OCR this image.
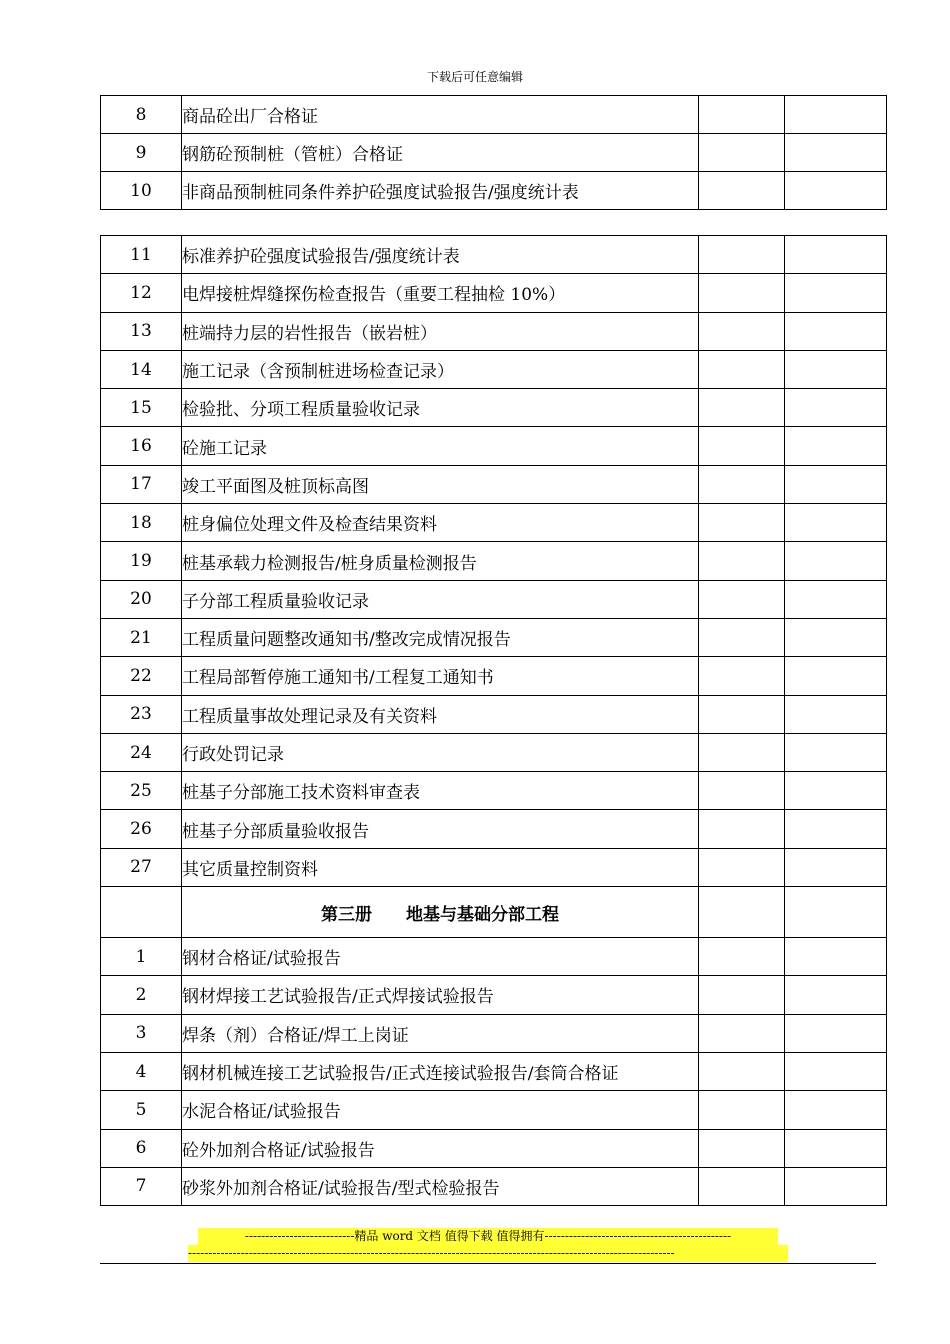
下载后可任意编辑
8	商品砼出厂合格证		
9	钢筋砼预制桩（管桩）合格证		
10	非商品预制桩同条件养护砼强度试验报告/强度统计表		
11	标准养护砼强度试验报告/强度统计表		
12	电焊接桩焊缝探伤检查报告（重要工程抽检 10%）		
13	桩端持力层的岩性报告（嵌岩桩）		
14	施工记录（含预制桩进场检查记录）		
15	检验批、分项工程质量验收记录		
16	砼施工记录		
17	竣工平面图及桩顶标高图		
18	桩身偏位处理文件及检查结果资料		
19	桩基承载力检测报告/桩身质量检测报告		
20	子分部工程质量验收记录		
21	工程质量问题整改通知书/整改完成情况报告		
22	工程局部暂停施工通知书/工程复工通知书		
23	工程质量事故处理记录及有关资料		
24	行政处罚记录		
25	桩基子分部施工技术资料审查表		
26	桩基子分部质量验收报告		
27	其它质量控制资料		
	第三册　　地基与基础分部工程		
1	钢材合格证/试验报告		
2	钢材焊接工艺试验报告/正式焊接试验报告		
3	焊条（剂）合格证/焊工上岗证		
4	钢材机械连接工艺试验报告/正式连接试验报告/套筒合格证		
5	水泥合格证/试验报告		
6	砼外加剂合格证/试验报告		
7	砂浆外加剂合格证/试验报告/型式检验报告		
---------------------------精品 word 文档 值得下载 值得拥有----------------------------------------------
------------------------------------------------------------------------------------------------------------------------
